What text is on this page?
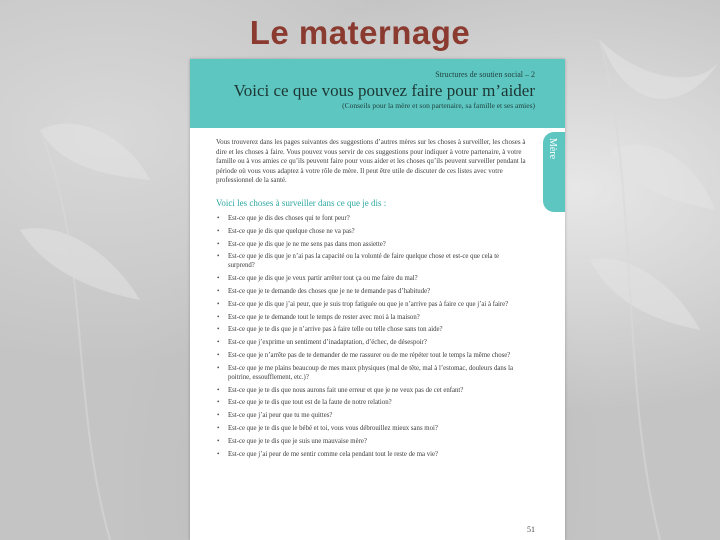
Le maternage
Structures de soutien social – 2
Voici ce que vous pouvez faire pour m’aider
(Conseils pour la mère et son partenaire, sa famille et ses amies)
Mère
Vous trouverez dans les pages suivantes des suggestions d’autres mères sur les choses à surveiller, les choses à dire et les choses à faire. Vous pouvez vous servir de ces suggestions pour indiquer à votre partenaire, à votre famille ou à vos amies ce qu’ils peuvent faire pour vous aider et les choses qu’ils peuvent surveiller pendant la période où vous vous adaptez à votre rôle de mère. Il peut être utile de discuter de ces listes avec votre professionnel de la santé.
Voici les choses à surveiller dans ce que je dis :
• Est-ce que je dis des choses qui te font peur?
• Est-ce que je dis que quelque chose ne va pas?
• Est-ce que je dis que je ne me sens pas dans mon assiette?
• Est-ce que je dis que je n’ai pas la capacité ou la volonté de faire quelque chose et est-ce que cela te surprend?
• Est-ce que je dis que je veux partir arrêter tout ça ou me faire du mal?
• Est-ce que je te demande des choses que je ne te demande pas d’habitude?
• Est-ce que je dis que j’ai peur, que je suis trop fatiguée ou que je n’arrive pas à faire ce que j’ai à faire?
• Est-ce que je te demande tout le temps de rester avec moi à la maison?
• Est-ce que je te dis que je n’arrive pas à faire telle ou telle chose sans ton aide?
• Est-ce que j’exprime un sentiment d’inadaptation, d’échec, de désespoir?
• Est-ce que je n’arrête pas de te demander de me rassurer ou de me répéter tout le temps la même chose?
• Est-ce que je me plains beaucoup de mes maux physiques (mal de tête, mal à l’estomac, douleurs dans la poitrine, essoufflement, etc.)?
• Est-ce que je te dis que nous aurons fait une erreur et que je ne veux pas de cet enfant?
• Est-ce que je te dis que tout est de la faute de notre relation?
• Est-ce que j’ai peur que tu me quittes?
• Est-ce que je te dis que le bébé et toi, vous vous débrouillez mieux sans moi?
• Est-ce que je te dis que je suis une mauvaise mère?
• Est-ce que j’ai peur de me sentir comme cela pendant tout le reste de ma vie?
51
